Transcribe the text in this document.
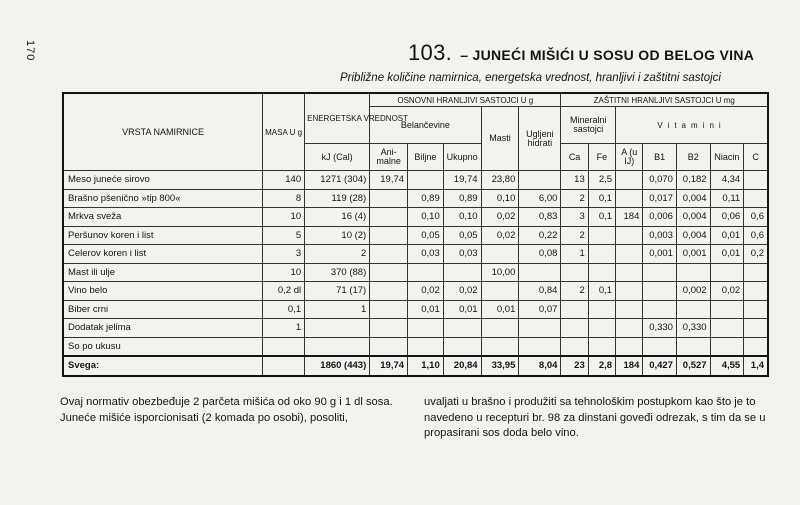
170	103. – JUNEĆI MIŠIĆI U SOSU OD BELOG VINA
Približne količine namirnica, energetska vrednost, hranljivi i zaštitni sastojci
VRSTA NAMIRNICE	MASA U g	ENERGETSKA VREDNOST	OSNOVNI HRANLJIVI SASTOJCI U g					ZAŠTITNI HRANLJIVI SASTOJCI U mg						
			Belančevine			Masti	Ugljeni hidrati	Mineralni sastojci		Vitamini				
		kJ (Cal)	Ani-malne	Biljne	Ukupno			Ca	Fe	A (u IJ)	B1	B2	Niacin	C
Meso juneće sirovo	140	1271 (304)	19,74		19,74	23,80		13	2,5		0,070	0,182	4,34	
Brašno pšenično »tip 800«	8	119 (28)		0,89	0,89	0,10	6,00	2	0,1		0,017	0,004	0,11	
Mrkva sveža	10	16 (4)		0,10	0,10	0,02	0,83	3	0,1	184	0,006	0,004	0,06	0,6
Peršunov koren i list	5	10 (2)		0,05	0,05	0,02	0,22	2			0,003	0,004	0,01	0,6
Celerov koren i list	3	2		0,03	0,03		0,08	1			0,001	0,001	0,01	0,2
Mast ili ulje	10	370 (88)				10,00								
Vino belo	0,2 dl	71 (17)		0,02	0,02		0,84	2	0,1			0,002	0,02	
Biber crni	0,1	1		0,01	0,01	0,01	0,07							
Dodatak jelima	1										0,330	0,330		
So po ukusu														
Svega:		1860 (443)	19,74	1,10	20,84	33,95	8,04	23	2,8	184	0,427	0,527	4,55	1,4

Ovaj normativ obezbeđuje 2 parčeta mišića od oko 90 g i 1 dl sosa.

Juneće mišiće isporcionisati (2 komada po osobi), posoliti,

uvaljati u brašno i produžiti sa tehnološkim postupkom kao što je to navedeno u recepturi br. 98 za dinstani goveđi odrezak, s tim da se u propasirani sos doda belo vino.
